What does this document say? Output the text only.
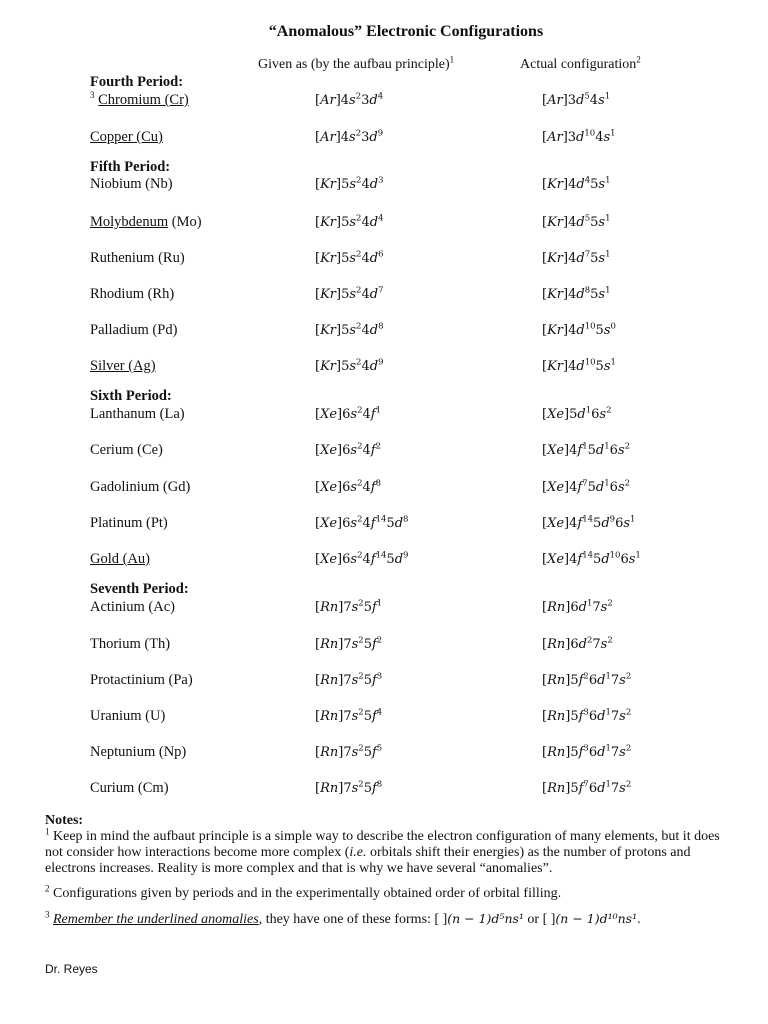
“Anomalous” Electronic Configurations
Given as (by the aufbau principle)$^1$	Actual configuration$^2$
Fourth Period:
$^3$ Chromium (Cr)	$[Ar]4s^23d^4$	$[Ar]3d^54s^1$
Copper (Cu)	$[Ar]4s^23d^9$	$[Ar]3d^{10}4s^1$
Fifth Period:
Niobium (Nb)	$[Kr]5s^24d^3$	$[Kr]4d^45s^1$
Molybdenum (Mo)	$[Kr]5s^24d^4$	$[Kr]4d^55s^1$
Ruthenium (Ru)	$[Kr]5s^24d^6$	$[Kr]4d^75s^1$
Rhodium (Rh)	$[Kr]5s^24d^7$	$[Kr]4d^85s^1$
Palladium (Pd)	$[Kr]5s^24d^8$	$[Kr]4d^{10}5s^0$
Silver (Ag)	$[Kr]5s^24d^9$	$[Kr]4d^{10}5s^1$
Sixth Period:
Lanthanum (La)	$[Xe]6s^24f^1$	$[Xe]5d^16s^2$
Cerium (Ce)	$[Xe]6s^24f^2$	$[Xe]4f^15d^16s^2$
Gadolinium (Gd)	$[Xe]6s^24f^8$	$[Xe]4f^75d^16s^2$
Platinum (Pt)	$[Xe]6s^24f^{14}5d^8$	$[Xe]4f^{14}5d^96s^1$
Gold (Au)	$[Xe]6s^24f^{14}5d^9$	$[Xe]4f^{14}5d^{10}6s^1$
Seventh Period:
Actinium (Ac)	$[Rn]7s^25f^1$	$[Rn]6d^17s^2$
Thorium (Th)	$[Rn]7s^25f^2$	$[Rn]6d^27s^2$
Protactinium (Pa)	$[Rn]7s^25f^3$	$[Rn]5f^26d^17s^2$
Uranium (U)	$[Rn]7s^25f^4$	$[Rn]5f^36d^17s^2$
Neptunium (Np)	$[Rn]7s^25f^5$	$[Rn]5f^36d^17s^2$
Curium (Cm)	$[Rn]7s^25f^8$	$[Rn]5f^76d^17s^2$

Notes:

$^1$ Keep in mind the aufbaut principle is a simple way to describe the electron configuration of many elements, but it does not consider how interactions become more complex (i.e. orbitals shift their energies) as the number of protons and electrons increases. Reality is more complex and that is why we have several “anomalies”.

$^2$ Configurations given by periods and in the experimentally obtained order of orbital filling.

$^3$ Remember the underlined anomalies, they have one of these forms: [ ](n − 1)d⁵ns¹ or [ ](n − 1)d¹⁰ns¹.

Dr. Reyes
